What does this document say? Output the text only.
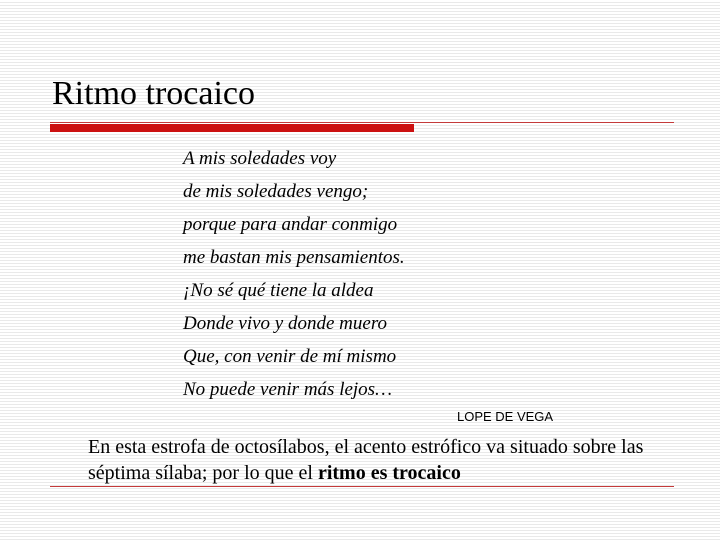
Ritmo trocaico
A mis soledades voy
de mis soledades vengo;
porque para andar conmigo
me bastan mis pensamientos.
¡No sé qué tiene la aldea
Donde vivo y donde muero
Que, con venir de mí mismo
No puede venir más lejos…
LOPE DE VEGA
En esta estrofa de octosílabos, el acento estrófico va situado sobre las séptima sílaba; por lo que el ritmo es trocaico
